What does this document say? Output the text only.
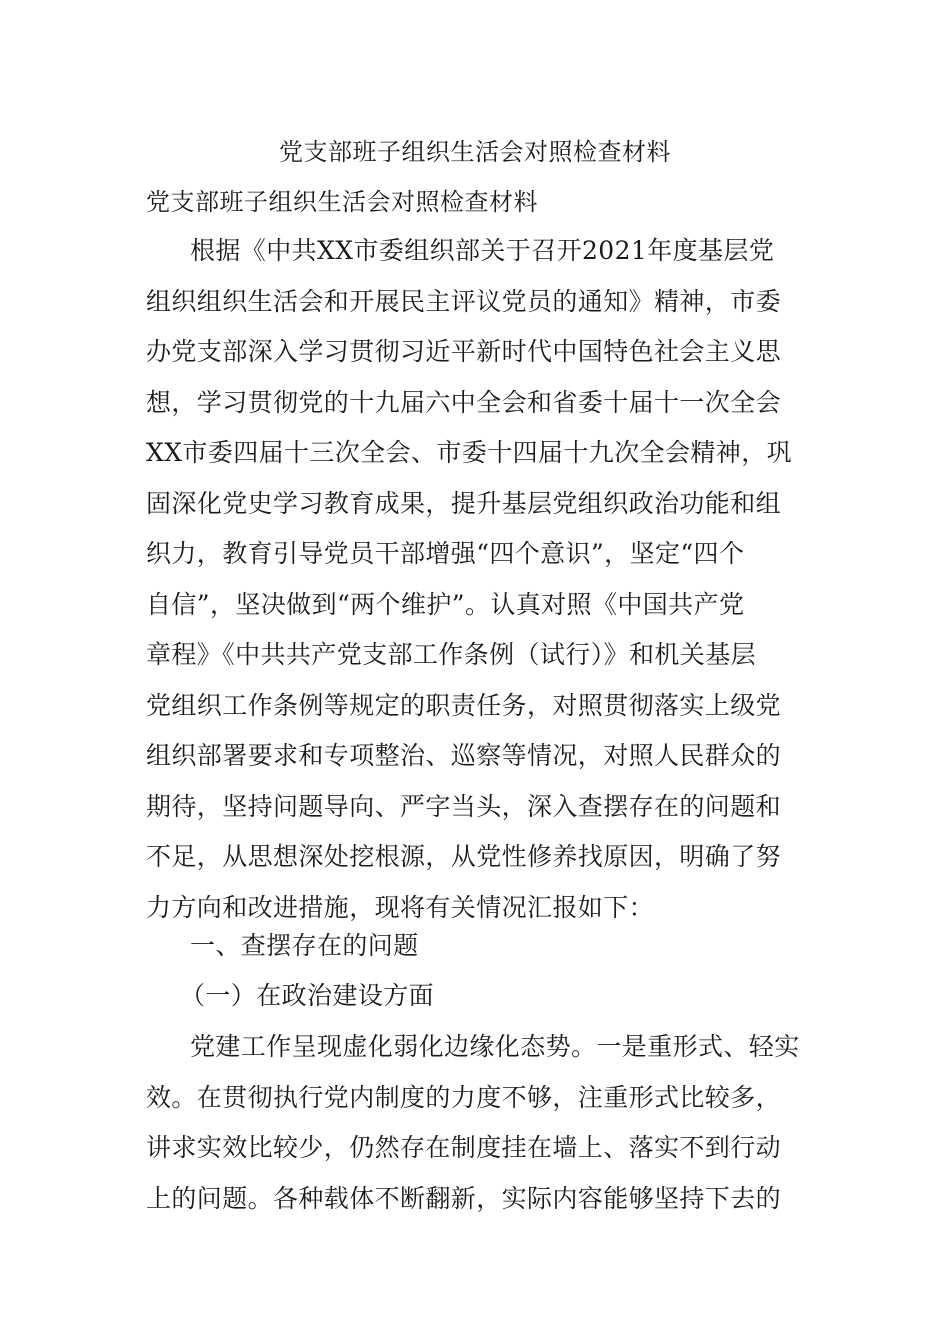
党支部班子组织生活会对照检查材料
党支部班子组织生活会对照检查材料
根据《中共XX市委组织部关于召开2021年度基层党
组织组织生活会和开展民主评议党员的通知》精神，市委
办党支部深入学习贯彻习近平新时代中国特色社会主义思
想，学习贯彻党的十九届六中全会和省委十届十一次全会
XX市委四届十三次全会、市委十四届十九次全会精神，巩
固深化党史学习教育成果，提升基层党组织政治功能和组
织力，教育引导党员干部增强“四个意识”，坚定“四个
自信”，坚决做到“两个维护”。认真对照《中国共产党
章程》《中共共产党支部工作条例（试行）》和机关基层
党组织工作条例等规定的职责任务，对照贯彻落实上级党
组织部署要求和专项整治、巡察等情况，对照人民群众的
期待，坚持问题导向、严字当头，深入查摆存在的问题和
不足，从思想深处挖根源，从党性修养找原因，明确了努
力方向和改进措施，现将有关情况汇报如下：
一、查摆存在的问题
（一）在政治建设方面
党建工作呈现虚化弱化边缘化态势。一是重形式、轻实
效。在贯彻执行党内制度的力度不够，注重形式比较多，
讲求实效比较少，仍然存在制度挂在墙上、落实不到行动
上的问题。各种载体不断翻新，实际内容能够坚持下去的
